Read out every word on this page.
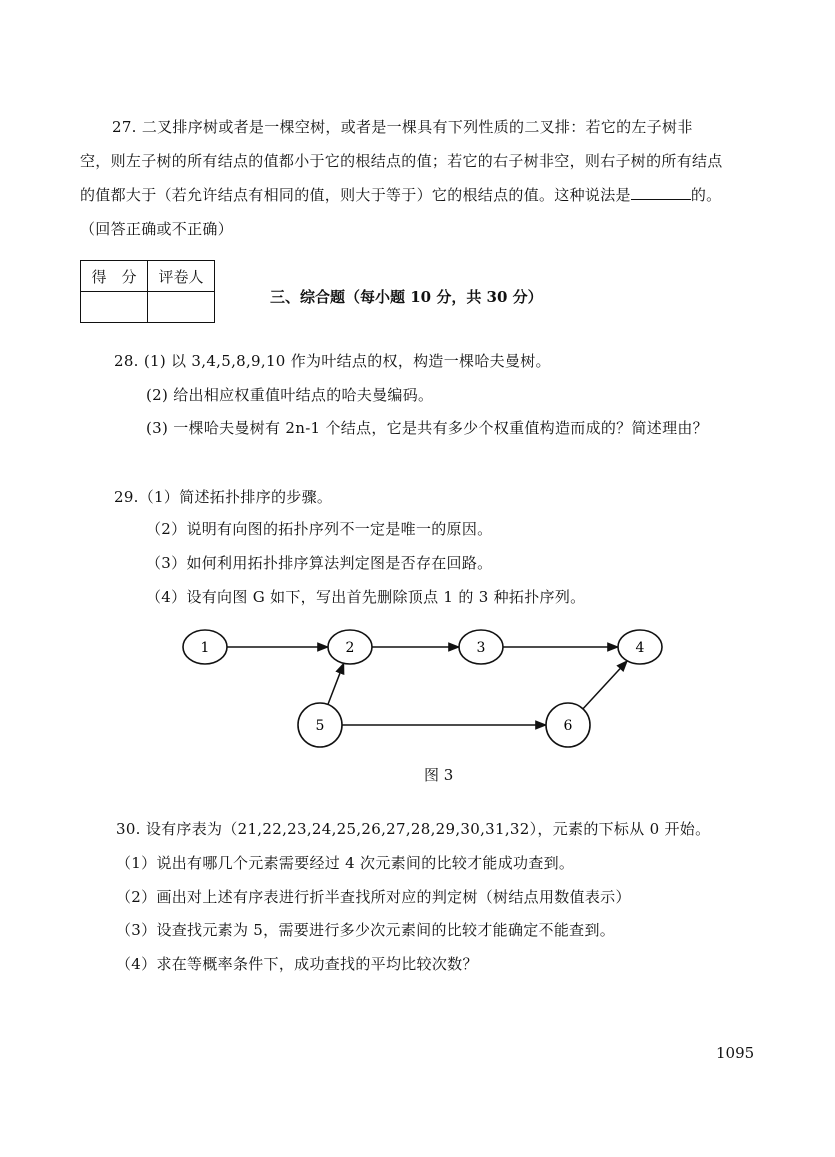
27. 二叉排序树或者是一棵空树，或者是一棵具有下列性质的二叉排：若它的左子树非
空，则左子树的所有结点的值都小于它的根结点的值；若它的右子树非空，则右子树的所有结点
的值都大于（若允许结点有相同的值，则大于等于）它的根结点的值。这种说法是	的。
（回答正确或不正确）
得　分	评卷人

三、综合题（每小题 10 分，共 30 分）
28. (1) 以 3,4,5,8,9,10 作为叶结点的权，构造一棵哈夫曼树。
(2) 给出相应权重值叶结点的哈夫曼编码。
(3) 一棵哈夫曼树有 2n-1 个结点，它是共有多少个权重值构造而成的？简述理由？
29.（1）简述拓扑排序的步骤。
（2）说明有向图的拓扑序列不一定是唯一的原因。
（3）如何利用拓扑排序算法判定图是否存在回路。
（4）设有向图 G 如下，写出首先删除顶点 1 的 3 种拓扑序列。
1	2	3	4
5	6
图 3
30. 设有序表为（21,22,23,24,25,26,27,28,29,30,31,32），元素的下标从 0 开始。
（1）说出有哪几个元素需要经过 4 次元素间的比较才能成功查到。
（2）画出对上述有序表进行折半查找所对应的判定树（树结点用数值表示）
（3）设查找元素为 5，需要进行多少次元素间的比较才能确定不能查到。
（4）求在等概率条件下，成功查找的平均比较次数？
1095
